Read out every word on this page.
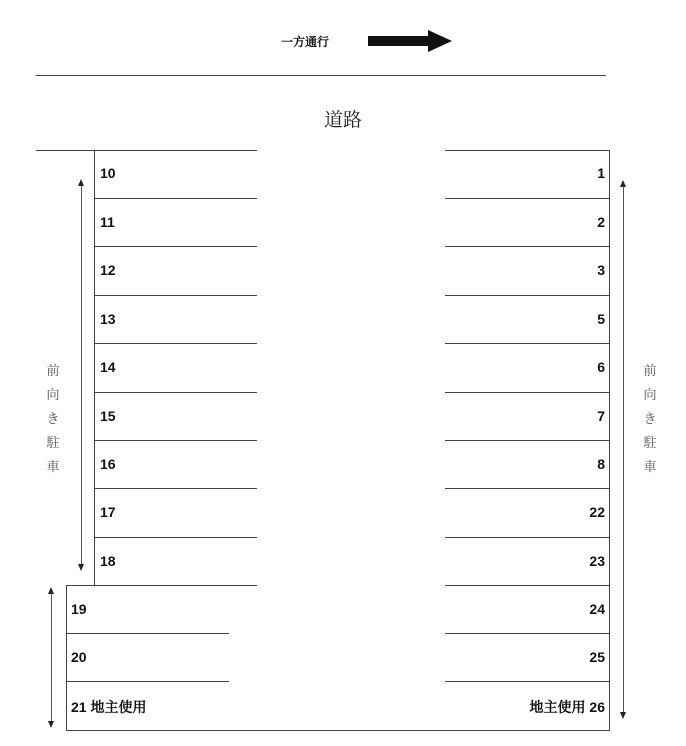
一方通行
道路
10
11
12
13
14
15
16
17
18
19
20
21 地主使用
前
向
き
駐
車
1
2
3
5
6
7
8
22
23
24
25
地主使用 26
前
向
き
駐
車
